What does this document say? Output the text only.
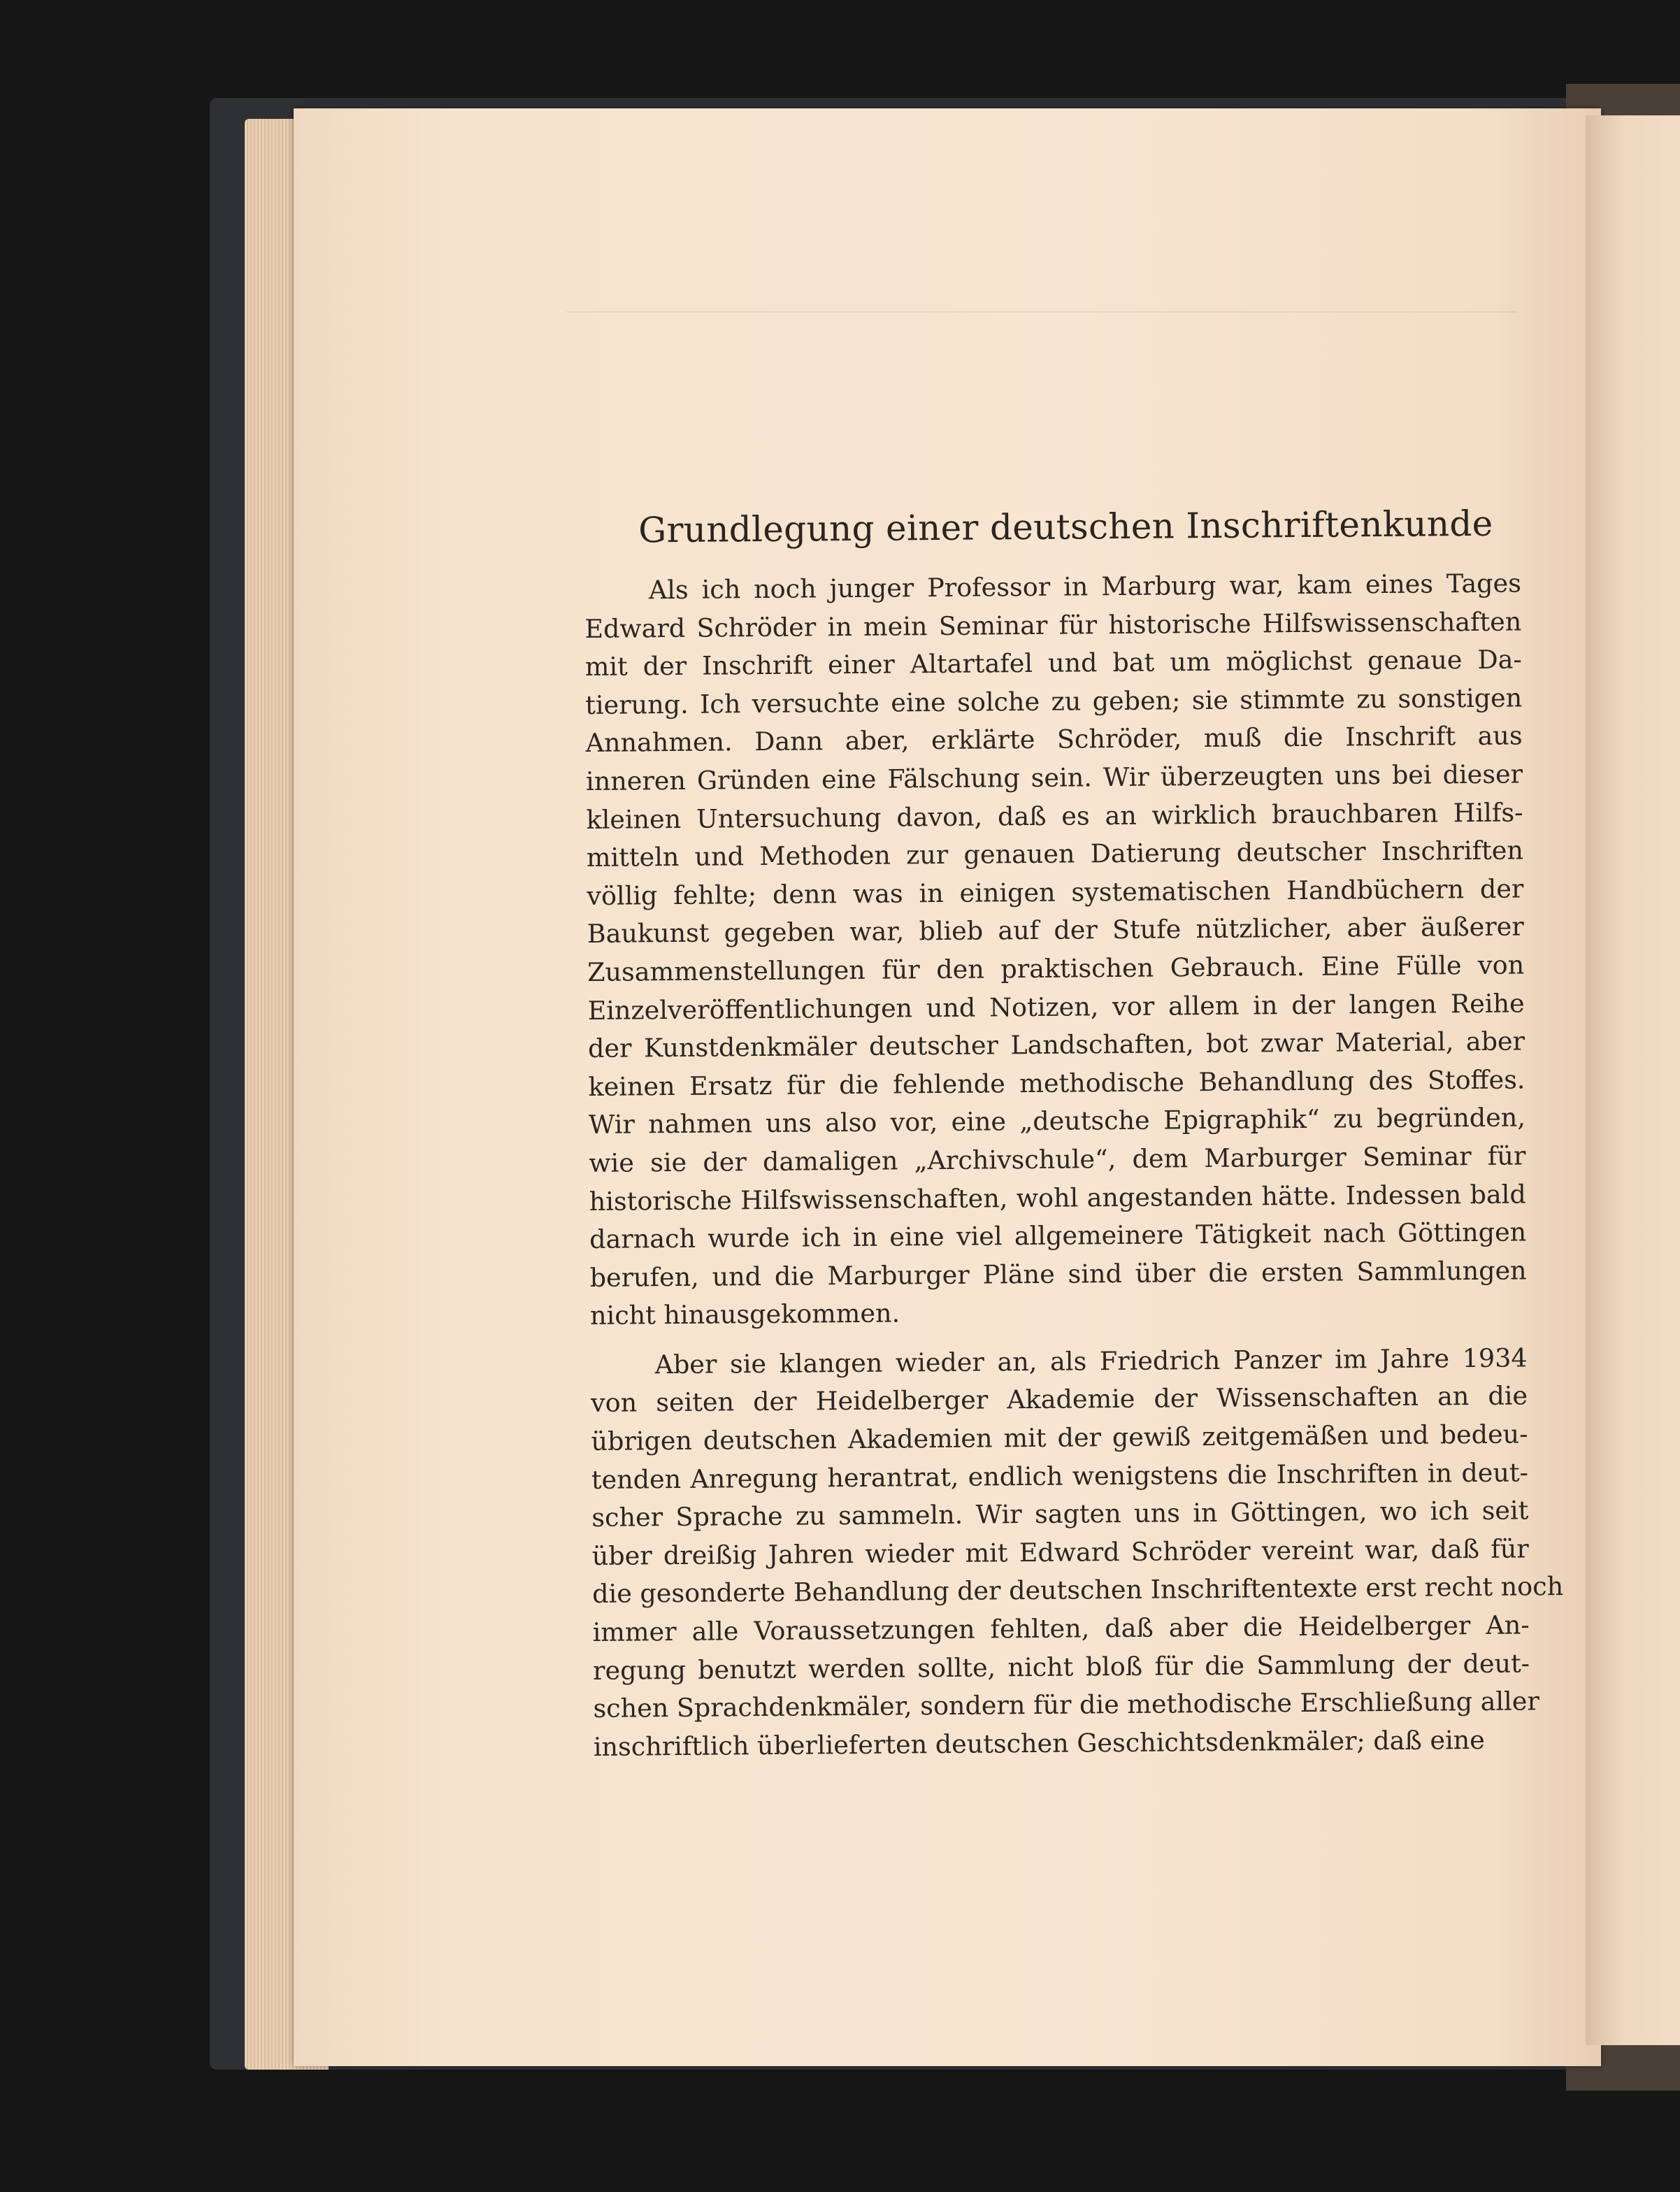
Grundlegung einer deutschen Inschriftenkunde

Als ich noch junger Professor in Marburg war, kam eines Tages
Edward Schröder in mein Seminar für historische Hilfswissenschaften
mit der Inschrift einer Altartafel und bat um möglichst genaue Da-
tierung. Ich versuchte eine solche zu geben; sie stimmte zu sonstigen
Annahmen. Dann aber, erklärte Schröder, muß die Inschrift aus
inneren Gründen eine Fälschung sein. Wir überzeugten uns bei dieser
kleinen Untersuchung davon, daß es an wirklich brauchbaren Hilfs-
mitteln und Methoden zur genauen Datierung deutscher Inschriften
völlig fehlte; denn was in einigen systematischen Handbüchern der
Baukunst gegeben war, blieb auf der Stufe nützlicher, aber äußerer
Zusammenstellungen für den praktischen Gebrauch. Eine Fülle von
Einzelveröffentlichungen und Notizen, vor allem in der langen Reihe
der Kunstdenkmäler deutscher Landschaften, bot zwar Material, aber
keinen Ersatz für die fehlende methodische Behandlung des Stoffes.
Wir nahmen uns also vor, eine „deutsche Epigraphik“ zu begründen,
wie sie der damaligen „Archivschule“, dem Marburger Seminar für
historische Hilfswissenschaften, wohl angestanden hätte. Indessen bald
darnach wurde ich in eine viel allgemeinere Tätigkeit nach Göttingen
berufen, und die Marburger Pläne sind über die ersten Sammlungen
nicht hinausgekommen.

Aber sie klangen wieder an, als Friedrich Panzer im Jahre 1934
von seiten der Heidelberger Akademie der Wissenschaften an die
übrigen deutschen Akademien mit der gewiß zeitgemäßen und bedeu-
tenden Anregung herantrat, endlich wenigstens die Inschriften in deut-
scher Sprache zu sammeln. Wir sagten uns in Göttingen, wo ich seit
über dreißig Jahren wieder mit Edward Schröder vereint war, daß für
die gesonderte Behandlung der deutschen Inschriftentexte erst recht noch
immer alle Voraussetzungen fehlten, daß aber die Heidelberger An-
regung benutzt werden sollte, nicht bloß für die Sammlung der deut-
schen Sprachdenkmäler, sondern für die methodische Erschließung aller
inschriftlich überlieferten deutschen Geschichtsdenkmäler; daß eine
